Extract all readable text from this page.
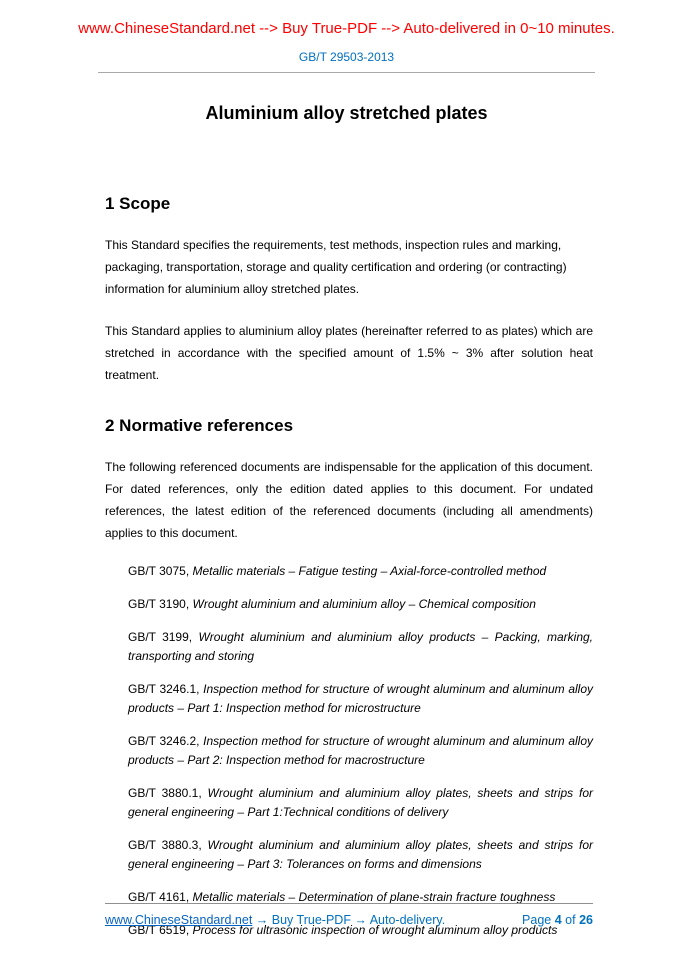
www.ChineseStandard.net --> Buy True-PDF --> Auto-delivered in 0~10 minutes.
GB/T 29503-2013
Aluminium alloy stretched plates
1 Scope

This Standard specifies the requirements, test methods, inspection rules and marking, packaging, transportation, storage and quality certification and ordering (or contracting) information for aluminium alloy stretched plates.

This Standard applies to aluminium alloy plates (hereinafter referred to as plates) which are stretched in accordance with the specified amount of 1.5% ~ 3% after solution heat treatment.

2 Normative references

The following referenced documents are indispensable for the application of this document. For dated references, only the edition dated applies to this document. For undated references, the latest edition of the referenced documents (including all amendments) applies to this document.

GB/T 3075, Metallic materials – Fatigue testing – Axial-force-controlled method

GB/T 3190, Wrought aluminium and aluminium alloy – Chemical composition

GB/T 3199, Wrought aluminium and aluminium alloy products – Packing, marking, transporting and storing

GB/T 3246.1, Inspection method for structure of wrought aluminum and aluminum alloy products – Part 1: Inspection method for microstructure

GB/T 3246.2, Inspection method for structure of wrought aluminum and aluminum alloy products – Part 2: Inspection method for macrostructure

GB/T 3880.1, Wrought aluminium and aluminium alloy plates, sheets and strips for general engineering – Part 1:Technical conditions of delivery

GB/T 3880.3, Wrought aluminium and aluminium alloy plates, sheets and strips for general engineering – Part 3: Tolerances on forms and dimensions

GB/T 4161, Metallic materials – Determination of plane-strain fracture toughness

GB/T 6519, Process for ultrasonic inspection of wrought aluminum alloy products

www.ChineseStandard.net → Buy True-PDF → Auto-delivery.	Page 4 of 26
